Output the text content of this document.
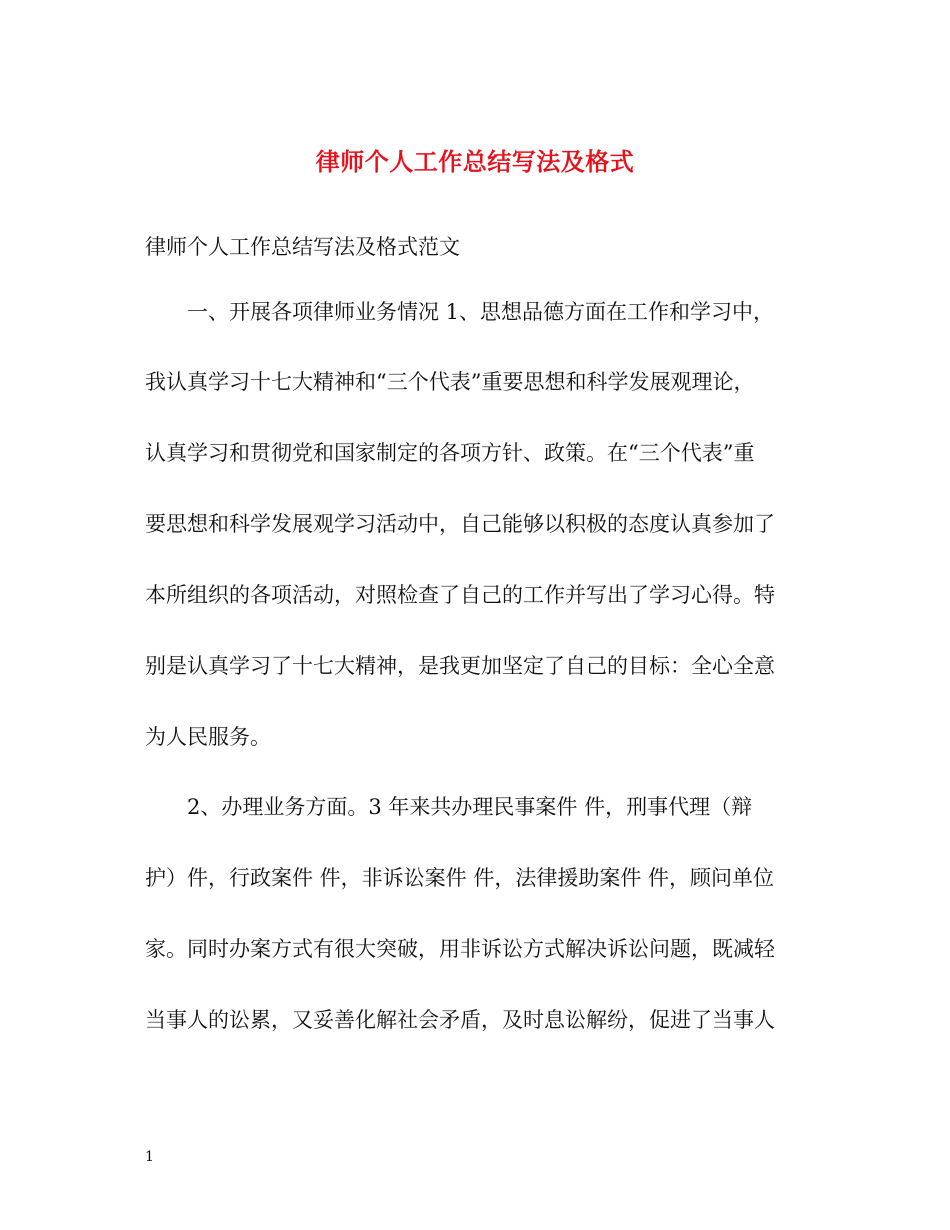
律师个人工作总结写法及格式
律师个人工作总结写法及格式范文
一、开展各项律师业务情况 1、思想品德方面在工作和学习中，
我认真学习十七大精神和“三个代表”重要思想和科学发展观理论，
认真学习和贯彻党和国家制定的各项方针、政策。在“三个代表”重
要思想和科学发展观学习活动中，自己能够以积极的态度认真参加了
本所组织的各项活动，对照检查了自己的工作并写出了学习心得。特
别是认真学习了十七大精神，是我更加坚定了自己的目标：全心全意
为人民服务。
2、办理业务方面。3 年来共办理民事案件 件，刑事代理（辩
护）件，行政案件 件，非诉讼案件 件，法律援助案件 件，顾问单位
家。同时办案方式有很大突破，用非诉讼方式解决诉讼问题，既减轻
当事人的讼累，又妥善化解社会矛盾，及时息讼解纷，促进了当事人
1
